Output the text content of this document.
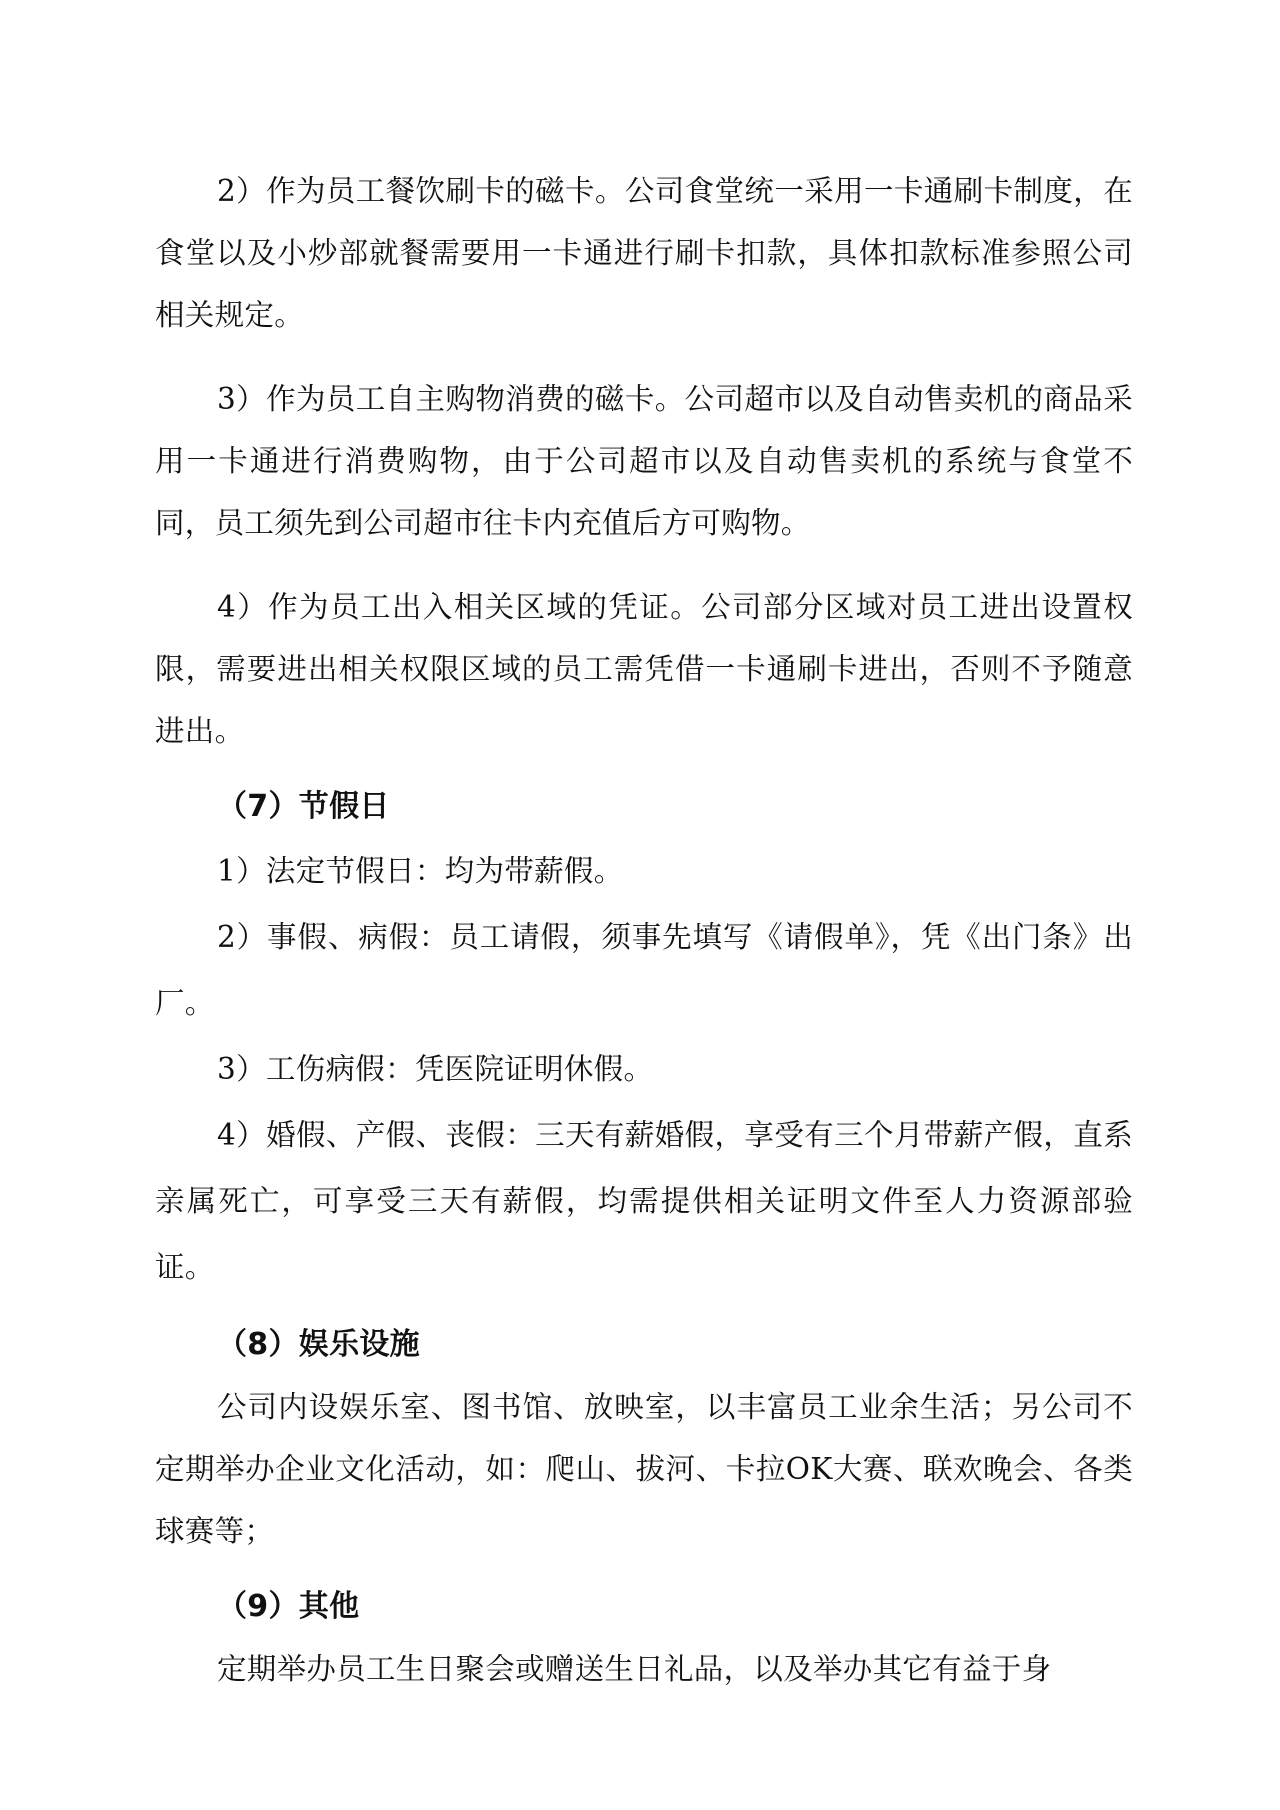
2）作为员工餐饮刷卡的磁卡。公司食堂统一采用一卡通刷卡制度，在食堂以及小炒部就餐需要用一卡通进行刷卡扣款，具体扣款标准参照公司相关规定。

3）作为员工自主购物消费的磁卡。公司超市以及自动售卖机的商品采用一卡通进行消费购物，由于公司超市以及自动售卖机的系统与食堂不同，员工须先到公司超市往卡内充值后方可购物。

4）作为员工出入相关区域的凭证。公司部分区域对员工进出设置权限，需要进出相关权限区域的员工需凭借一卡通刷卡进出，否则不予随意进出。

（7）节假日

1）法定节假日：均为带薪假。

2）事假、病假：员工请假，须事先填写《请假单》，凭《出门条》出厂。

3）工伤病假：凭医院证明休假。

4）婚假、产假、丧假：三天有薪婚假，享受有三个月带薪产假，直系亲属死亡，可享受三天有薪假，均需提供相关证明文件至人力资源部验证。

（8）娱乐设施

公司内设娱乐室、图书馆、放映室，以丰富员工业余生活；另公司不定期举办企业文化活动，如：爬山、拔河、卡拉OK大赛、联欢晚会、各类球赛等；

（9）其他

定期举办员工生日聚会或赠送生日礼品，以及举办其它有益于身
